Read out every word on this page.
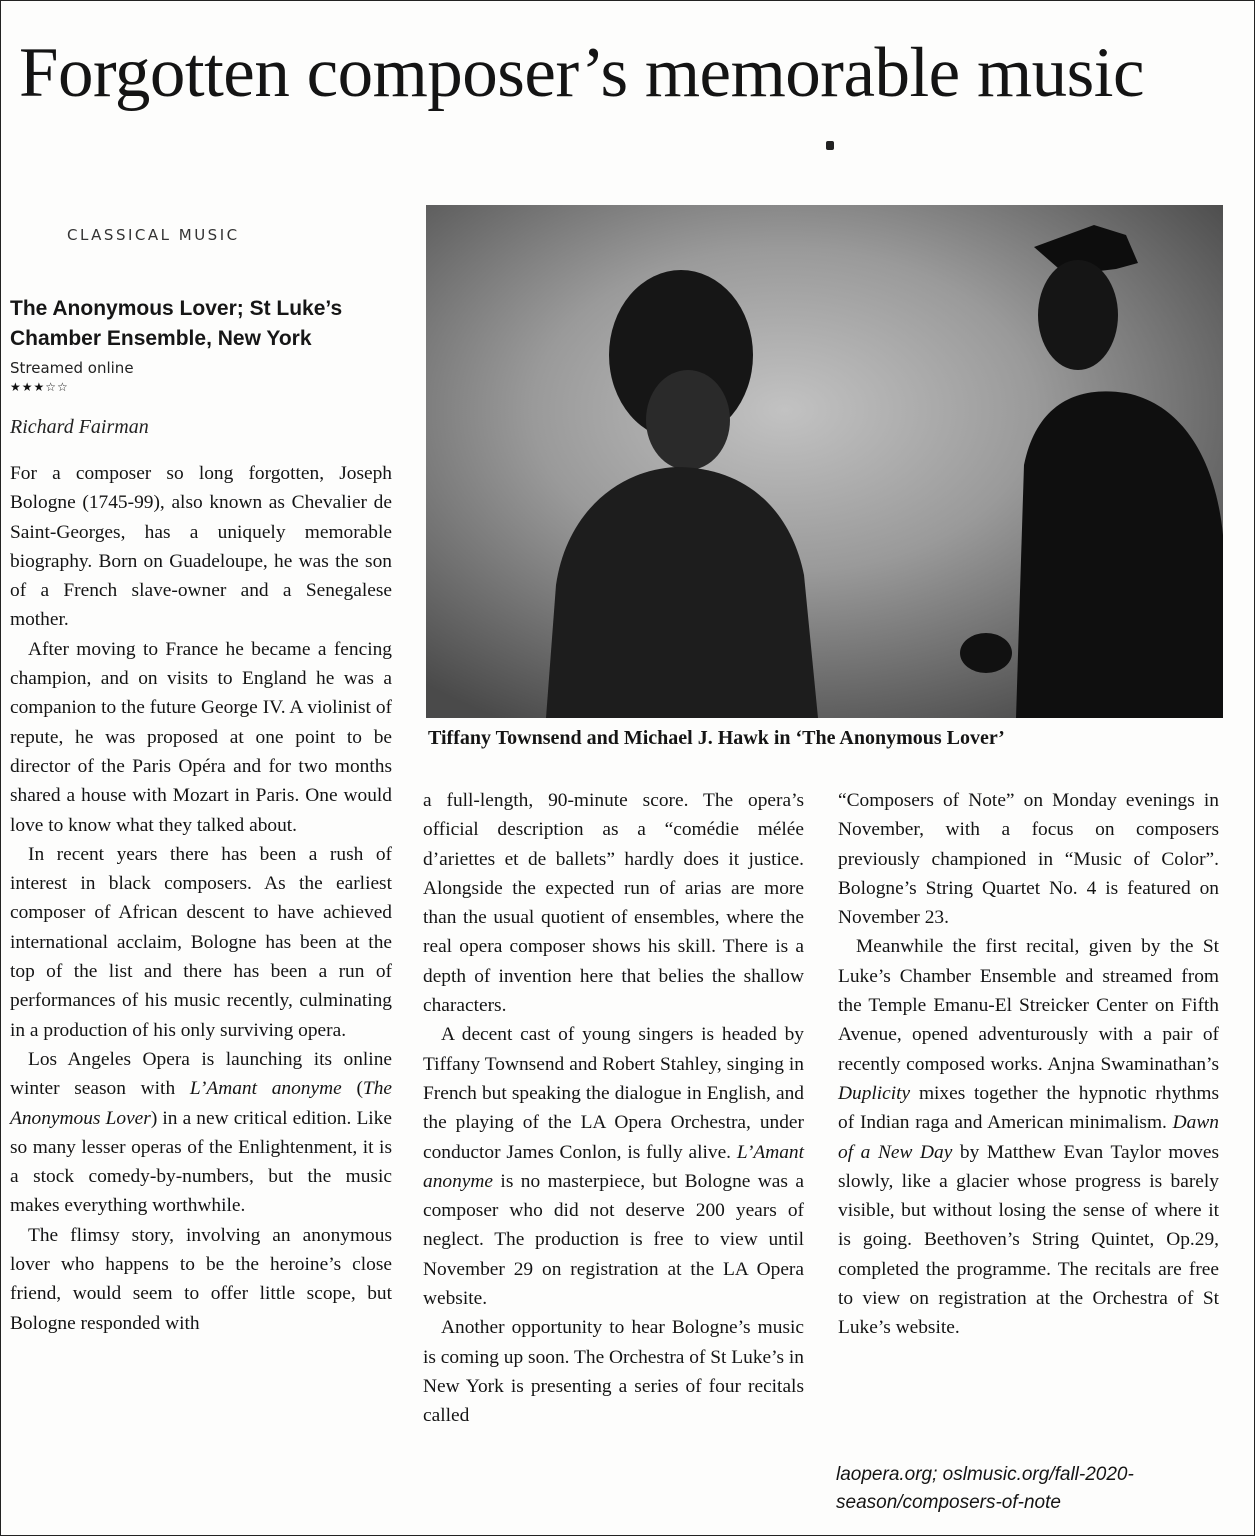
Forgotten composer’s memorable music
CLASSICAL MUSIC
The Anonymous Lover; St Luke’s Chamber Ensemble, New York
Streamed online
★★★☆☆
Richard Fairman

For a composer so long forgotten, Joseph Bologne (1745-99), also known as Chevalier de Saint-Georges, has a uniquely memorable biography. Born on Guadeloupe, he was the son of a French slave-owner and a Senegalese mother.

After moving to France he became a fencing champion, and on visits to England he was a companion to the future George IV. A violinist of repute, he was proposed at one point to be director of the Paris Opéra and for two months shared a house with Mozart in Paris. One would love to know what they talked about.

In recent years there has been a rush of interest in black composers. As the earliest composer of African descent to have achieved international acclaim, Bologne has been at the top of the list and there has been a run of performances of his music recently, culminating in a production of his only surviving opera.

Los Angeles Opera is launching its online winter season with L’Amant anonyme (The Anonymous Lover) in a new critical edition. Like so many lesser operas of the Enlightenment, it is a stock comedy-by-numbers, but the music makes everything worthwhile.

The flimsy story, involving an anonymous lover who happens to be the heroine’s close friend, would seem to offer little scope, but Bologne responded with

Tiffany Townsend and Michael J. Hawk in ‘The Anonymous Lover’

a full-length, 90-minute score. The opera’s official description as a “comédie mélée d’ariettes et de ballets” hardly does it justice. Alongside the expected run of arias are more than the usual quotient of ensembles, where the real opera composer shows his skill. There is a depth of invention here that belies the shallow characters.

A decent cast of young singers is headed by Tiffany Townsend and Robert Stahley, singing in French but speaking the dialogue in English, and the playing of the LA Opera Orchestra, under conductor James Conlon, is fully alive. L’Amant anonyme is no masterpiece, but Bologne was a composer who did not deserve 200 years of neglect. The production is free to view until November 29 on registration at the LA Opera website.

Another opportunity to hear Bologne’s music is coming up soon. The Orchestra of St Luke’s in New York is presenting a series of four recitals called

“Composers of Note” on Monday evenings in November, with a focus on composers previously championed in “Music of Color”. Bologne’s String Quartet No. 4 is featured on November 23.

Meanwhile the first recital, given by the St Luke’s Chamber Ensemble and streamed from the Temple Emanu-El Streicker Center on Fifth Avenue, opened adventurously with a pair of recently composed works. Anjna Swaminathan’s Duplicity mixes together the hypnotic rhythms of Indian raga and American minimalism. Dawn of a New Day by Matthew Evan Taylor moves slowly, like a glacier whose progress is barely visible, but without losing the sense of where it is going. Beethoven’s String Quintet, Op.29, completed the programme. The recitals are free to view on registration at the Orchestra of St Luke’s website.

laopera.org; oslmusic.org/fall-2020-season/composers-of-note
